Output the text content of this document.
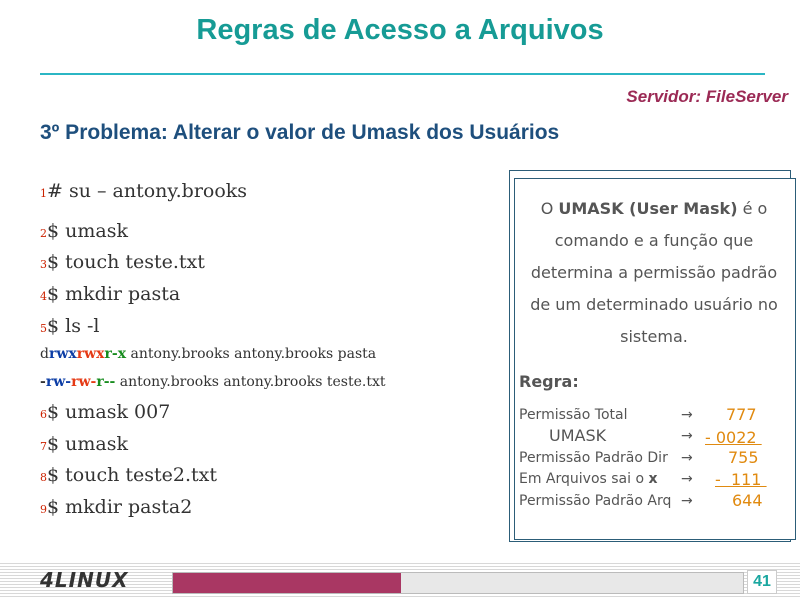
Regras de Acesso a Arquivos
Servidor: FileServer
3º Problema: Alterar o valor de Umask dos Usuários
1# su – antony.brooks
2$ umask
3$ touch teste.txt
4$ mkdir pasta
5$ ls -l
drwxrwxr-x antony.brooks antony.brooks pasta
-rw-rw-r-- antony.brooks antony.brooks teste.txt
6$ umask 007
7$ umask
8$ touch teste2.txt
9$ mkdir pasta2
O UMASK (User Mask) é o comando e a função que determina a permissão padrão de um determinado usuário no sistema.
Regra:
Permissão Total	→ 777
UMASK	→ - 0022
Permissão Padrão Dir → 755
Em Arquivos sai o x → -  111
Permissão Padrão Arq → 644
4LINUX	41
